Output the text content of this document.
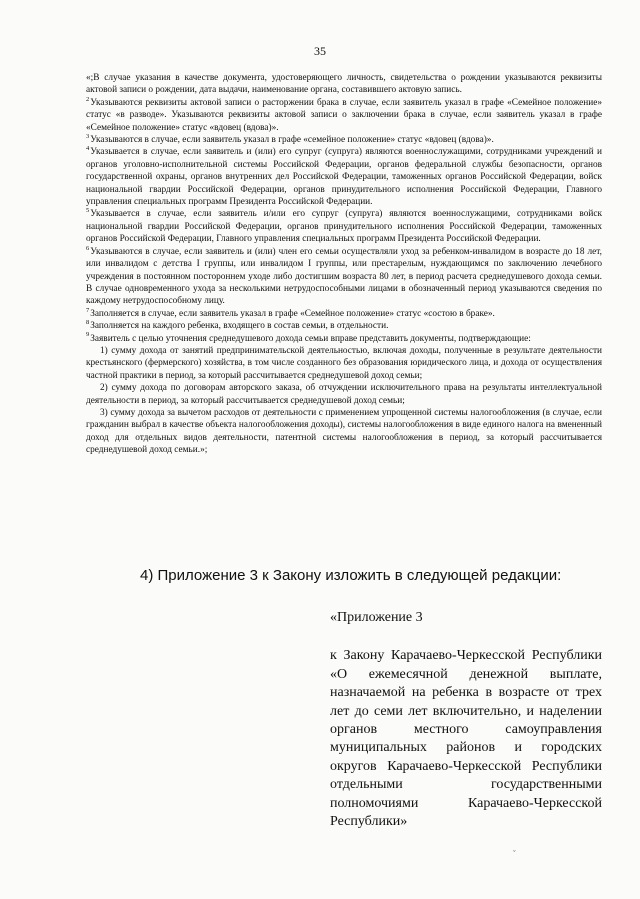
35

«;В случае указания в качестве документа, удостоверяющего личность, свидетельства о рождении указываются реквизиты актовой записи о рождении, дата выдачи, наименование органа, составившего актовую запись.

$^2$Указываются реквизиты актовой записи о расторжении брака в случае, если заявитель указал в графе «Семейное положение» статус «в разводе». Указываются реквизиты актовой записи о заключении брака в случае, если заявитель указал в графе «Семейное положение» статус «вдовец (вдова)».

$^3$Указываются в случае, если заявитель указал в графе «семейное положение» статус «вдовец (вдова)».

$^4$Указывается в случае, если заявитель и (или) его супруг (супруга) являются военнослужащими, сотрудниками учреждений и органов уголовно-исполнительной системы Российской Федерации, органов федеральной службы безопасности, органов государственной охраны, органов внутренних дел Российской Федерации, таможенных органов Российской Федерации, войск национальной гвардии Российской Федерации, органов принудительного исполнения Российской Федерации, Главного управления специальных программ Президента Российской Федерации.

$^5$Указывается в случае, если заявитель и/или его супруг (супруга) являются военнослужащими, сотрудниками войск национальной гвардии Российской Федерации, органов принудительного исполнения Российской Федерации, таможенных органов Российской Федерации, Главного управления специальных программ Президента Российской Федерации.

$^6$Указываются в случае, если заявитель и (или) член его семьи осуществляли уход за ребенком-инвалидом в возрасте до 18 лет, или инвалидом с детства I группы, или инвалидом I группы, или престарелым, нуждающимся по заключению лечебного учреждения в постоянном постороннем уходе либо достигшим возраста 80 лет, в период расчета среднедушевого дохода семьи. В случае одновременного ухода за несколькими нетрудоспособными лицами в обозначенный период указываются сведения по каждому нетрудоспособному лицу.

$^7$Заполняется в случае, если заявитель указал в графе «Семейное положение» статус «состою в браке».

$^8$Заполняется на каждого ребенка, входящего в состав семьи, в отдельности.

$^9$Заявитель с целью уточнения среднедушевого дохода семьи вправе представить документы, подтверждающие:

1) сумму дохода от занятий предпринимательской деятельностью, включая доходы, полученные в результате деятельности крестьянского (фермерского) хозяйства, в том числе созданного без образования юридического лица, и дохода от осуществления частной практики в период, за который рассчитывается среднедушевой доход семьи;

2) сумму дохода по договорам авторского заказа, об отчуждении исключительного права на результаты интеллектуальной деятельности в период, за который рассчитывается среднедушевой доход семьи;

3) сумму дохода за вычетом расходов от деятельности с применением упрощенной системы налогообложения (в случае, если гражданин выбрал в качестве объекта налогообложения доходы), системы налогообложения в виде единого налога на вмененный доход для отдельных видов деятельности, патентной системы налогообложения в период, за который рассчитывается среднедушевой доход семьи.»;

4) Приложение 3 к Закону изложить в следующей редакции:

«Приложение 3

к Закону Карачаево-Черкесской Республики «О ежемесячной денежной выплате, назначаемой на ребенка в возрасте от трех лет до семи лет включительно, и наделении органов местного самоуправления муниципальных районов и городских округов Карачаево-Черкесской Республики отдельными государственными полномочиями Карачаево-Черкесской Республики»

ˇ
